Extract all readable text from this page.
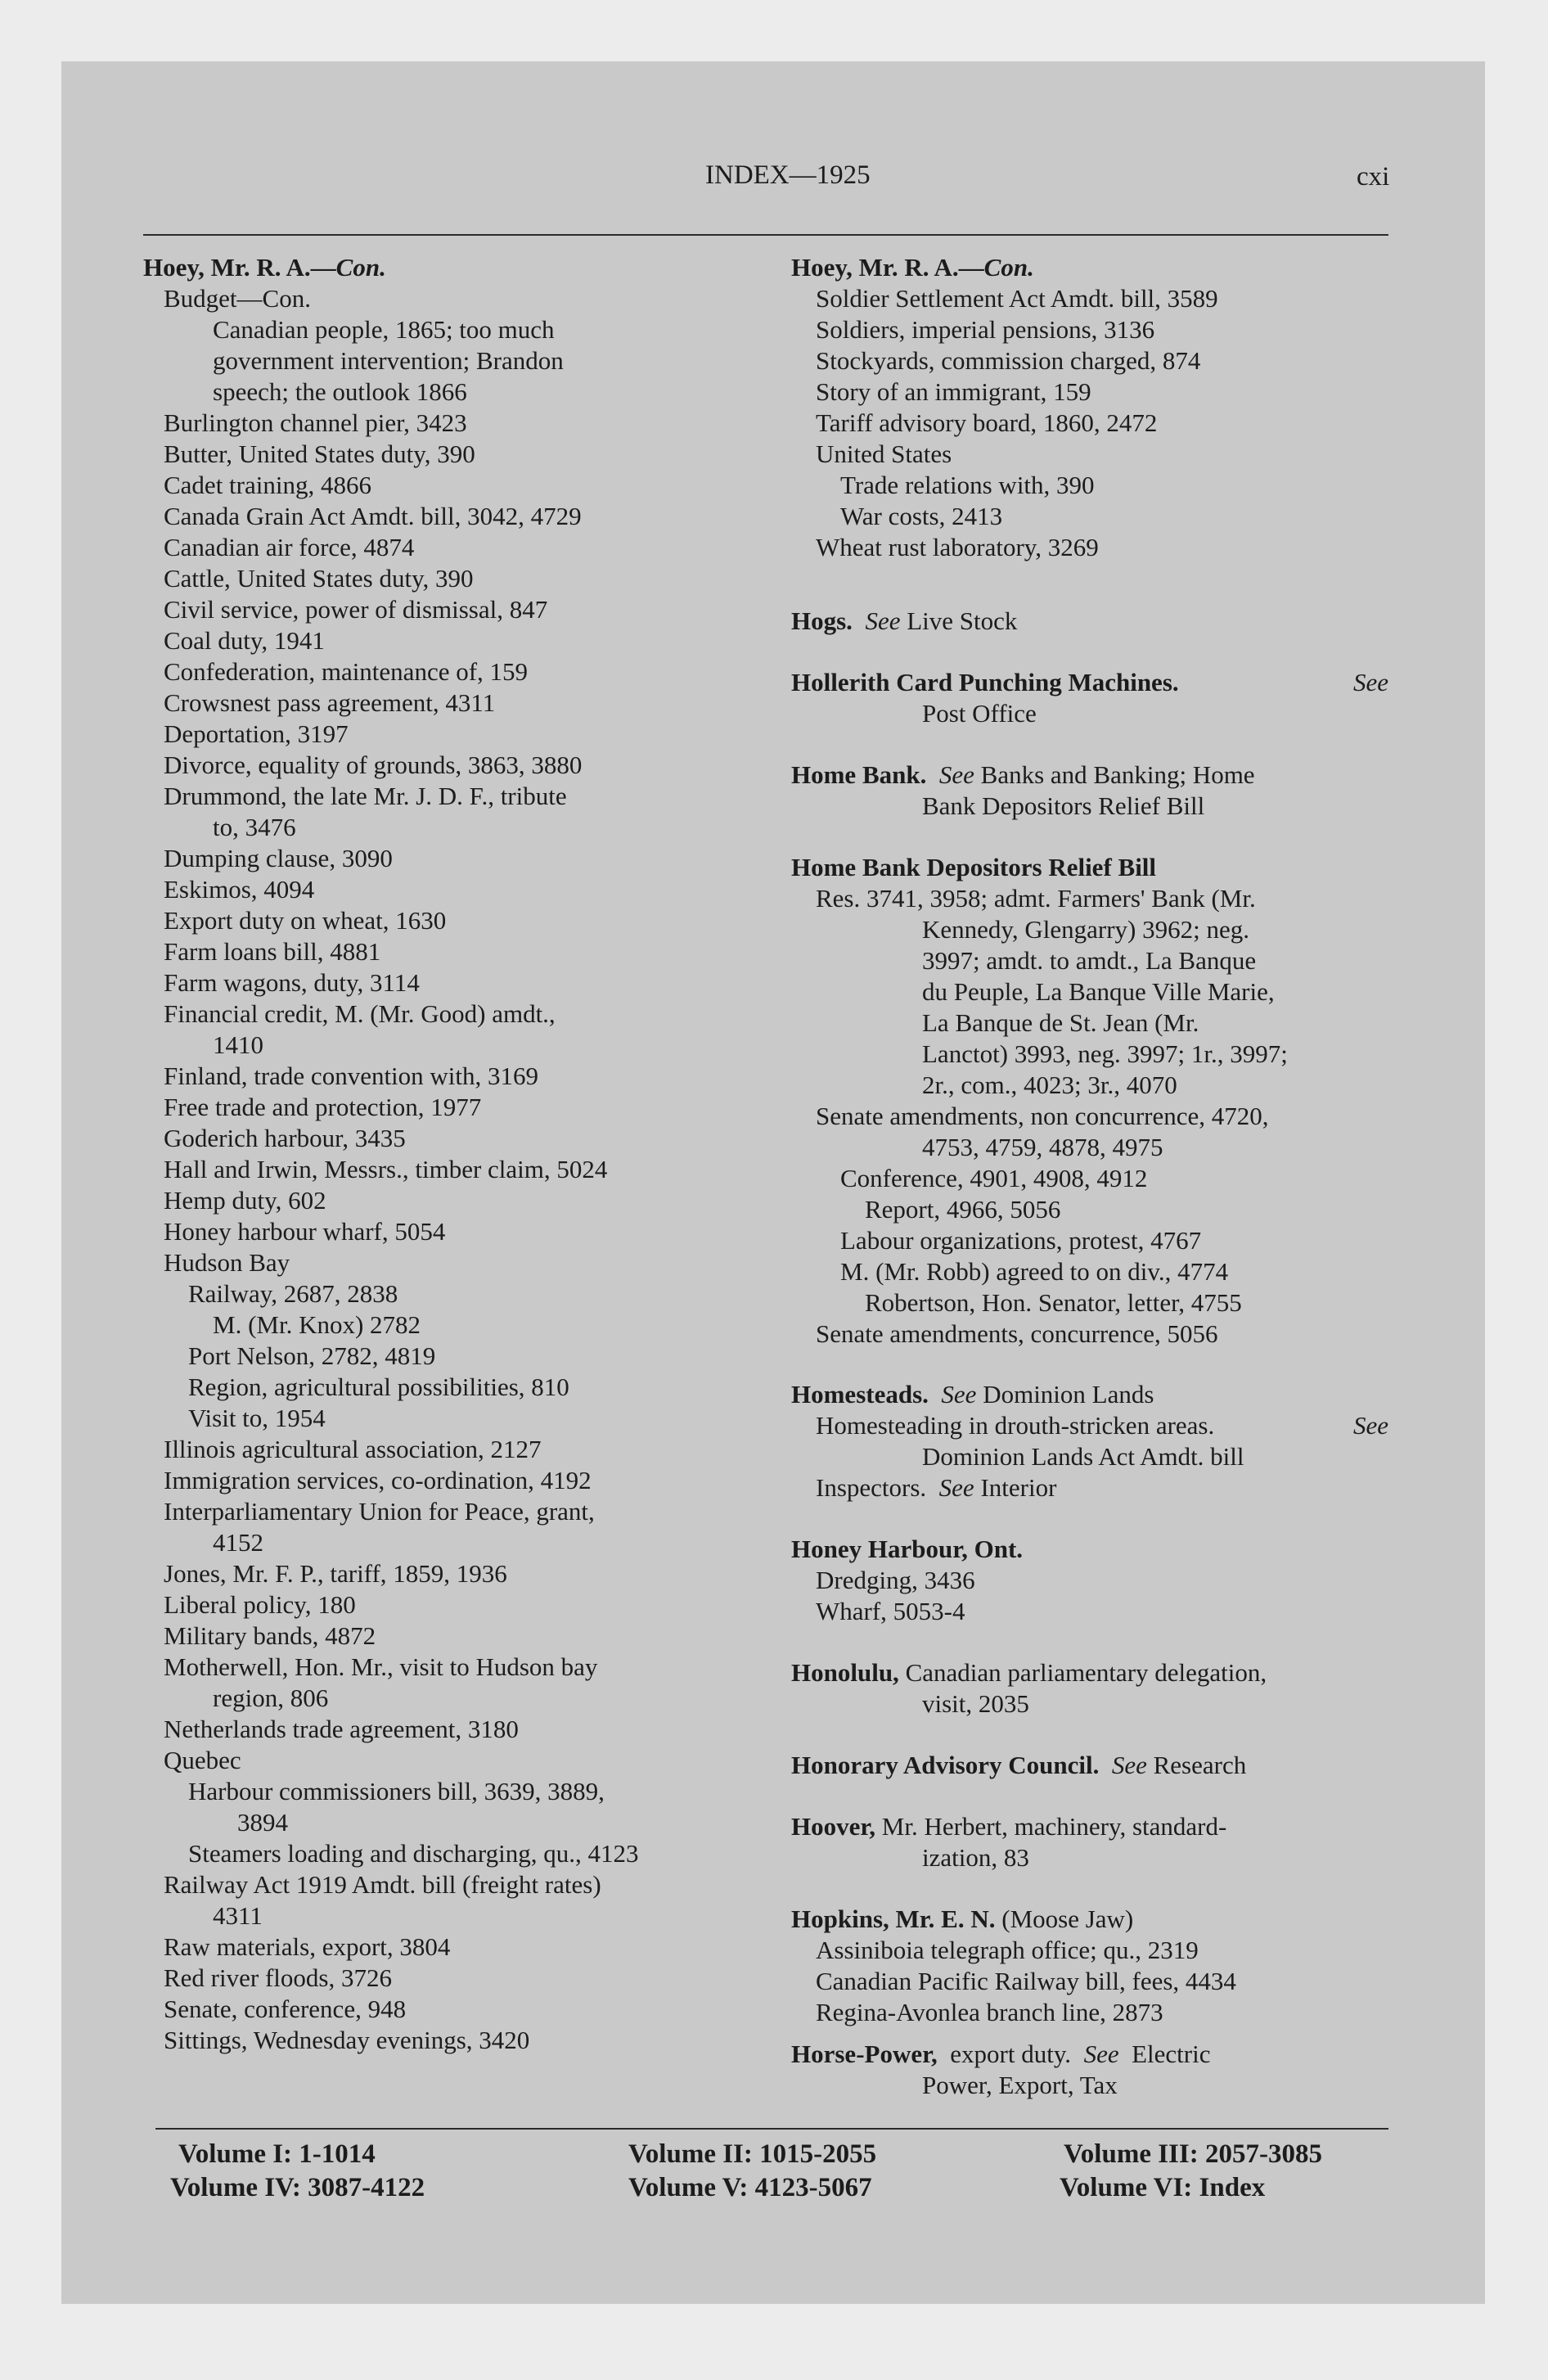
INDEX—1925	cxi
Hoey, Mr. R. A.—Con.
Budget—Con.
Canadian people, 1865; too much
government intervention; Brandon
speech; the outlook 1866
Burlington channel pier, 3423
Butter, United States duty, 390
Cadet training, 4866
Canada Grain Act Amdt. bill, 3042, 4729
Canadian air force, 4874
Cattle, United States duty, 390
Civil service, power of dismissal, 847
Coal duty, 1941
Confederation, maintenance of, 159
Crowsnest pass agreement, 4311
Deportation, 3197
Divorce, equality of grounds, 3863, 3880
Drummond, the late Mr. J. D. F., tribute
to, 3476
Dumping clause, 3090
Eskimos, 4094
Export duty on wheat, 1630
Farm loans bill, 4881
Farm wagons, duty, 3114
Financial credit, M. (Mr. Good) amdt.,
1410
Finland, trade convention with, 3169
Free trade and protection, 1977
Goderich harbour, 3435
Hall and Irwin, Messrs., timber claim, 5024
Hemp duty, 602
Honey harbour wharf, 5054
Hudson Bay
Railway, 2687, 2838
M. (Mr. Knox) 2782
Port Nelson, 2782, 4819
Region, agricultural possibilities, 810
Visit to, 1954
Illinois agricultural association, 2127
Immigration services, co-ordination, 4192
Interparliamentary Union for Peace, grant,
4152
Jones, Mr. F. P., tariff, 1859, 1936
Liberal policy, 180
Military bands, 4872
Motherwell, Hon. Mr., visit to Hudson bay
region, 806
Netherlands trade agreement, 3180
Quebec
Harbour commissioners bill, 3639, 3889,
3894
Steamers loading and discharging, qu., 4123
Railway Act 1919 Amdt. bill (freight rates)
4311
Raw materials, export, 3804
Red river floods, 3726
Senate, conference, 948
Sittings, Wednesday evenings, 3420
Hoey, Mr. R. A.—Con.
Soldier Settlement Act Amdt. bill, 3589
Soldiers, imperial pensions, 3136
Stockyards, commission charged, 874
Story of an immigrant, 159
Tariff advisory board, 1860, 2472
United States
Trade relations with, 390
War costs, 2413
Wheat rust laboratory, 3269
Hogs. See Live Stock
Hollerith Card Punching Machines.	See
Post Office
Home Bank. See Banks and Banking; Home
Bank Depositors Relief Bill
Home Bank Depositors Relief Bill
Res. 3741, 3958; admt. Farmers' Bank (Mr.
Kennedy, Glengarry) 3962; neg.
3997; amdt. to amdt., La Banque
du Peuple, La Banque Ville Marie,
La Banque de St. Jean (Mr.
Lanctot) 3993, neg. 3997; 1r., 3997;
2r., com., 4023; 3r., 4070
Senate amendments, non concurrence, 4720,
4753, 4759, 4878, 4975
Conference, 4901, 4908, 4912
Report, 4966, 5056
Labour organizations, protest, 4767
M. (Mr. Robb) agreed to on div., 4774
Robertson, Hon. Senator, letter, 4755
Senate amendments, concurrence, 5056
Homesteads. See Dominion Lands
Homesteading in drouth-stricken areas.	See
Dominion Lands Act Amdt. bill
Inspectors. See Interior
Honey Harbour, Ont.
Dredging, 3436
Wharf, 5053-4
Honolulu, Canadian parliamentary delegation,
visit, 2035
Honorary Advisory Council. See Research
Hoover, Mr. Herbert, machinery, standard-
ization, 83
Hopkins, Mr. E. N. (Moose Jaw)
Assiniboia telegraph office; qu., 2319
Canadian Pacific Railway bill, fees, 4434
Regina-Avonlea branch line, 2873
Horse-Power, export duty. See Electric
Power, Export, Tax
Volume I: 1-1014	Volume II: 1015-2055	Volume III: 2057-3085
Volume IV: 3087-4122	Volume V: 4123-5067	Volume VI: Index
